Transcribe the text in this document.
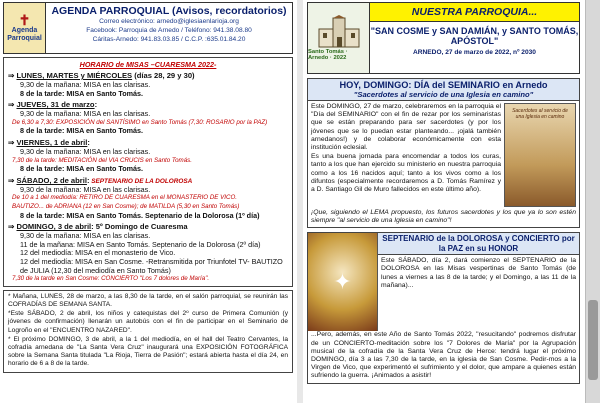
✝
Agenda
Parroquial
AGENDA PARROQUIAL (Avisos, recordatorios)
Correo electrónico: arnedo@iglesiaenlarioja.org
Facebook: Parroquia de Arnedo / Teléfono: 941.38.08.80
Cáritas-Arnedo: 941.83.03.85 / C.C.P. :635.01.84.20
HORARIO de MISAS –CUARESMA 2022-
⇒ LUNES, MARTES y MIÉRCOLES (días 28, 29 y 30)
9,30 de la mañana: MISA en las clarisas.
8 de la tarde: MISA en Santo Tomás.
⇒ JUEVES, 31 de marzo:
9,30 de la mañana: MISA en las clarisas.
De 6,30 a 7,30: EXPOSICIÓN del SANTÍSIMO en Santo Tomás (7,30: ROSARIO por la PAZ)
8 de la tarde: MISA en Santo Tomás.
⇒ VIERNES, 1 de abril:
9,30 de la mañana: MISA en las clarisas.
7,30 de la tarde: MEDITACIÓN del VIA CRUCIS en Santo Tomás.
8 de la tarde: MISA en Santo Tomás.
⇒ SÁBADO, 2 de abril: SEPTENARIO DE LA DOLOROSA
9,30 de la mañana: MISA en las clarisas.
De 10 a 1 del mediodía: RETIRO DE CUARESMA en el MONASTERIO DE VICO.
BAUTIZO... de ADRIANA (12 en San Cosme); de MATILDA (5,30 en Santo Tomás)
8 de la tarde: MISA en Santo Tomás. Septenario de la Dolorosa (1º día)
⇒ DOMINGO, 3 de abril: 5º Domingo de Cuaresma
9,30 de la mañana: MISA en las clarisas.
11 de la mañana: MISA en Santo Tomás. Septenario de la Dolorosa (2º día)
12 del mediodía: MISA en el monasterio de Vico.
12 del mediodía: MISA en San Cosme. -Retransmitida por Triunfotel TV- BAUTIZO de JULIA (12,30 del mediodía en Santo Tomás)
7,30 de la tarde en San Cosme: CONCIERTO "Los 7 dolores de María".

* Mañana, LUNES, 28 de marzo, a las 8,30 de la tarde, en el salón parroquial, se reunirán las COFRADÍAS DE SEMANA SANTA.

*Este SÁBADO, 2 de abril, los niños y catequistas del 2º curso de Primera Comunión (y jóvenes de confirmación) llenarán un autobús con el fin de participar en el Seminario de Logroño en el "ENCUENTRO NAZARED".

* El próximo DOMINGO, 3 de abril, a la 1 del mediodía, en el hall del Teatro Cervantes, la cofradía arnedana de "La Santa Vera Cruz" inaugurará una EXPOSICIÓN FOTOGRÁFICA sobre la Semana Santa titulada "La Rioja, Tierra de Pasión"; estará abierta hasta el día 24, en horario de 6 a 8 de la tarde.

Santo Tomás · Arnedo · 2022
NUESTRA PARROQUIA...
"SAN COSME y SAN DAMIÁN, y SANTO TOMÁS, APÓSTOL"
ARNEDO, 27 de marzo de 2022, nº 2030
HOY, DOMINGO: DÍA del SEMINARIO en Arnedo
"Sacerdotes al servicio de una Iglesia en camino"

Este DOMINGO, 27 de marzo, celebraremos en la parroquia el "Día del SEMINARIO" con el fin de rezar por los seminaristas que se están preparando para ser sacerdotes (y por los jóvenes que se lo puedan estar planteando... ¡ojalá también arnedanos!) y de colaborar económicamente con esta institución eclesial.

Es una buena jornada para encomendar a todos los curas, tanto a los que han ejercido su ministerio en nuestra parroquia como a los 16 nacidos aquí; tanto a los vivos como a los difuntos (especialmente recordaremos a D. Tomás Ramírez y a D. Santiago Gil de Muro fallecidos en este último año).

Sacerdotes al servicio de una Iglesia en camino
¡Que, siguiendo el LEMA propuesto, los futuros sacerdotes y los que ya lo son estén siempre "al servicio de una Iglesia en camino"!
✦
SEPTENARIO de la DOLOROSA y CONCIERTO por la PAZ en su HONOR
Este SÁBADO, día 2, dará comienzo el SEPTENARIO de la DOLOROSA en las Misas vespertinas de Santo Tomás (de lunes a viernes a las 8 de la tarde; y el Domingo, a las 11 de la mañana)...
...Pero, además, en este Año de Santo Tomás 2022, "resucitando" podremos disfrutar de un CONCIERTO-meditación sobre los "7 Dolores de María" por la Agrupación musical de la cofradía de la Santa Vera Cruz de Herce: tendrá lugar el próximo DOMINGO, día 3 a las 7,30 de la tarde, en la iglesia de San Cosme. Pedir-mos a la Virgen de Vico, que experimentó el sufrimiento y el dolor, que ampare a quienes están sufriendo la guerra. ¡Animados a asistir!
